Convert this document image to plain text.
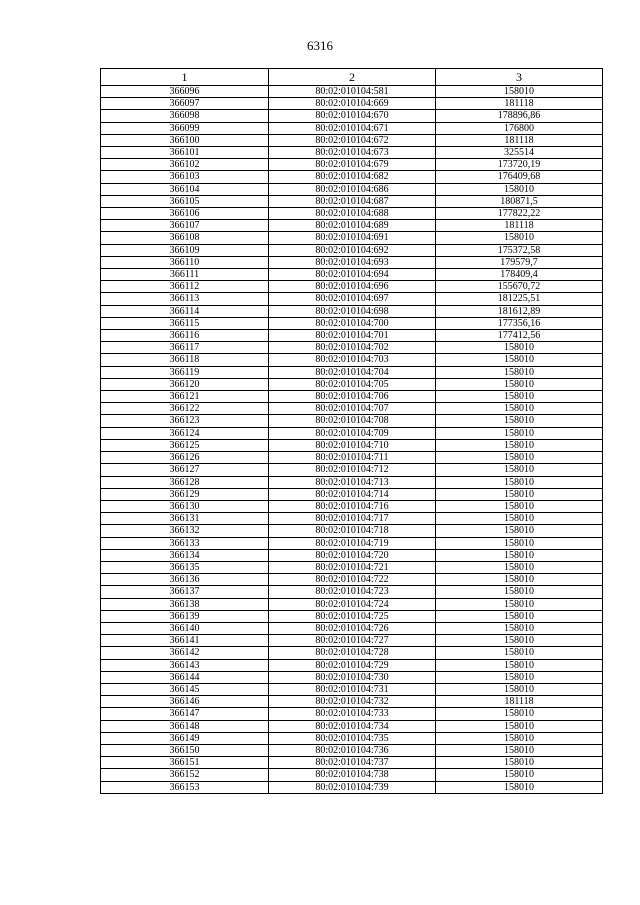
6316
1	2	3
366096	80:02:010104:581	158010
366097	80:02:010104:669	181118
366098	80:02:010104:670	178896,86
366099	80:02:010104:671	176800
366100	80:02:010104:672	181118
366101	80:02:010104:673	325514
366102	80:02:010104:679	173720,19
366103	80:02:010104:682	176409,68
366104	80:02:010104:686	158010
366105	80:02:010104:687	180871,5
366106	80:02:010104:688	177822,22
366107	80:02:010104:689	181118
366108	80:02:010104:691	158010
366109	80:02:010104:692	175372,58
366110	80:02:010104:693	179579,7
366111	80:02:010104:694	178409,4
366112	80:02:010104:696	155670,72
366113	80:02:010104:697	181225,51
366114	80:02:010104:698	181612,89
366115	80:02:010104:700	177356,16
366116	80:02:010104:701	177412,56
366117	80:02:010104:702	158010
366118	80:02:010104:703	158010
366119	80:02:010104:704	158010
366120	80:02:010104:705	158010
366121	80:02:010104:706	158010
366122	80:02:010104:707	158010
366123	80:02:010104:708	158010
366124	80:02:010104:709	158010
366125	80:02:010104:710	158010
366126	80:02:010104:711	158010
366127	80:02:010104:712	158010
366128	80:02:010104:713	158010
366129	80:02:010104:714	158010
366130	80:02:010104:716	158010
366131	80:02:010104:717	158010
366132	80:02:010104:718	158010
366133	80:02:010104:719	158010
366134	80:02:010104:720	158010
366135	80:02:010104:721	158010
366136	80:02:010104:722	158010
366137	80:02:010104:723	158010
366138	80:02:010104:724	158010
366139	80:02:010104:725	158010
366140	80:02:010104:726	158010
366141	80:02:010104:727	158010
366142	80:02:010104:728	158010
366143	80:02:010104:729	158010
366144	80:02:010104:730	158010
366145	80:02:010104:731	158010
366146	80:02:010104:732	181118
366147	80:02:010104:733	158010
366148	80:02:010104:734	158010
366149	80:02:010104:735	158010
366150	80:02:010104:736	158010
366151	80:02:010104:737	158010
366152	80:02:010104:738	158010
366153	80:02:010104:739	158010
